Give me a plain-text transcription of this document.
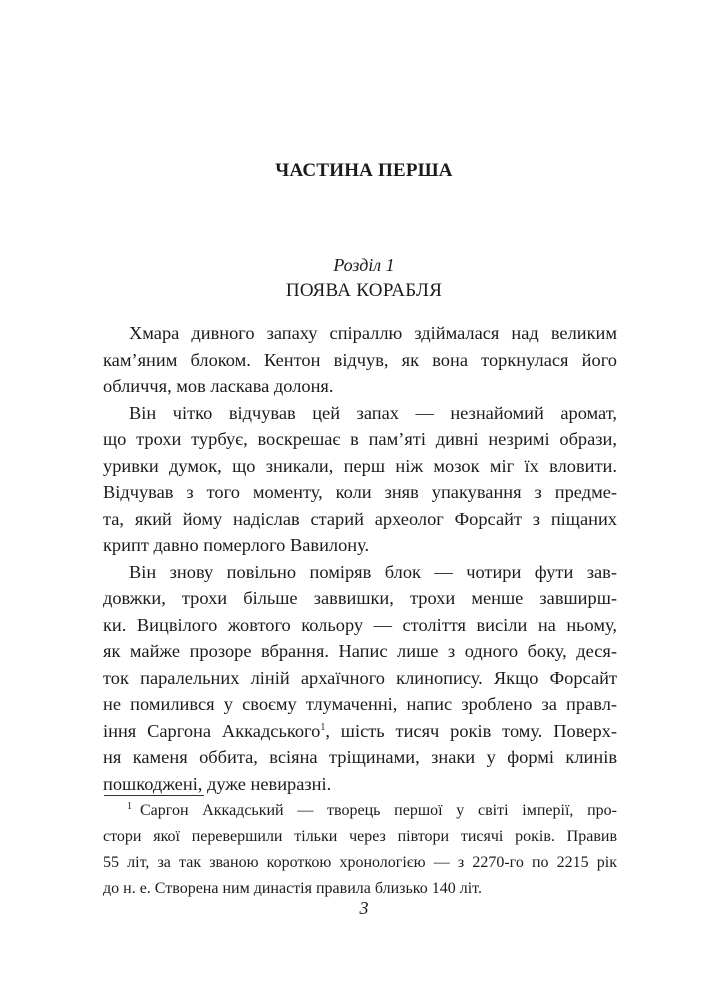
ЧАСТИНА ПЕРША
Розділ 1
ПОЯВА КОРАБЛЯ
Хмара дивного запаху спіраллю здіймалася над великим
кам’яним блоком. Кентон відчув, як вона торкнулася його
обличчя, мов ласкава долоня.
Він чітко відчував цей запах — незнайомий аромат,
що трохи турбує, воскрешає в пам’яті дивні незримі образи,
уривки думок, що зникали, перш ніж мозок міг їх вловити.
Відчував з того моменту, коли зняв упакування з предме-
та, який йому надіслав старий археолог Форсайт з піщаних
крипт давно померлого Вавилону.
Він знову повільно поміряв блок — чотири фути зав-
довжки, трохи більше заввишки, трохи менше завширш-
ки. Вицвілого жовтого кольору — століття висіли на ньому,
як майже прозоре вбрання. Напис лише з одного боку, деся-
ток паралельних ліній архаїчного клинопису. Якщо Форсайт
не помилився у своєму тлумаченні, напис зроблено за правл-
іння Саргона Аккадського$^1$, шість тисяч років тому. Поверх-
ня каменя оббита, всіяна тріщинами, знаки у формі клинів
пошкоджені, дуже невиразні.
$^1$ Саргон Аккадський — творець першої у світі імперії, про-
стори якої перевершили тільки через півтори тисячі років. Правив
55 літ, за так званою короткою хронологією — з 2270-го по 2215 рік
до н. е. Створена ним династія правила близько 140 літ.
3
